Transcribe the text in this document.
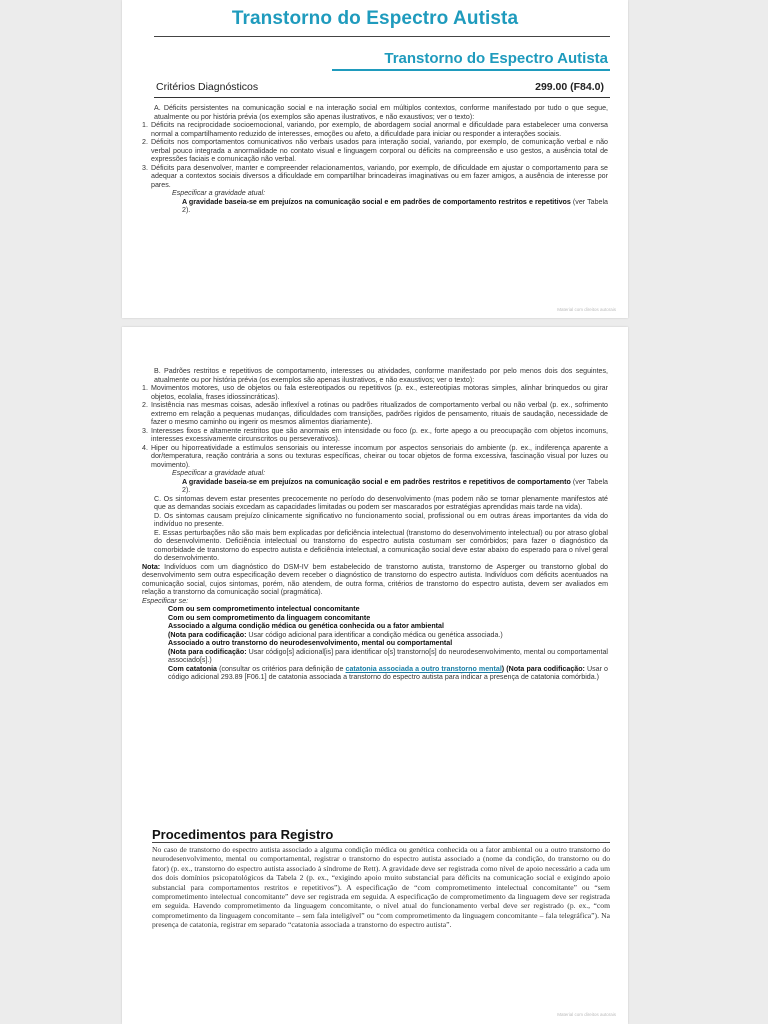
Transtorno do Espectro Autista
Transtorno do Espectro Autista
Critérios Diagnósticos	299.00 (F84.0)
A. Déficits persistentes na comunicação social e na interação social em múltiplos contextos, conforme manifestado por tudo o que segue, atualmente ou por história prévia (os exemplos são apenas ilustrativos, e não exaustivos; ver o texto):
1. Déficits na reciprocidade socioemocional, variando, por exemplo, de abordagem social anormal e dificuldade para estabelecer uma conversa normal a compartilhamento reduzido de interesses, emoções ou afeto, a dificuldade para iniciar ou responder a interações sociais.
2. Déficits nos comportamentos comunicativos não verbais usados para interação social, variando, por exemplo, de comunicação verbal e não verbal pouco integrada a anormalidade no contato visual e linguagem corporal ou déficits na compreensão e uso gestos, a ausência total de expressões faciais e comunicação não verbal.
3. Déficits para desenvolver, manter e compreender relacionamentos, variando, por exemplo, de dificuldade em ajustar o comportamento para se adequar a contextos sociais diversos a dificuldade em compartilhar brincadeiras imaginativas ou em fazer amigos, a ausência de interesse por pares.
Especificar a gravidade atual:
A gravidade baseia-se em prejuízos na comunicação social e em padrões de comportamento restritos e repetitivos (ver Tabela 2).
Material com direitos autorais
B. Padrões restritos e repetitivos de comportamento, interesses ou atividades, conforme manifestado por pelo menos dois dos seguintes, atualmente ou por história prévia (os exemplos são apenas ilustrativos, e não exaustivos; ver o texto):
1. Movimentos motores, uso de objetos ou fala estereotipados ou repetitivos (p. ex., estereotipias motoras simples, alinhar brinquedos ou girar objetos, ecolalia, frases idiossincráticas).
2. Insistência nas mesmas coisas, adesão inflexível a rotinas ou padrões ritualizados de comportamento verbal ou não verbal (p. ex., sofrimento extremo em relação a pequenas mudanças, dificuldades com transições, padrões rígidos de pensamento, rituais de saudação, necessidade de fazer o mesmo caminho ou ingerir os mesmos alimentos diariamente).
3. Interesses fixos e altamente restritos que são anormais em intensidade ou foco (p. ex., forte apego a ou preocupação com objetos incomuns, interesses excessivamente circunscritos ou perseverativos).
4. Hiper ou hiporreatividade a estímulos sensoriais ou interesse incomum por aspectos sensoriais do ambiente (p. ex., indiferença aparente a dor/temperatura, reação contrária a sons ou texturas específicas, cheirar ou tocar objetos de forma excessiva, fascinação visual por luzes ou movimento).
Especificar a gravidade atual:
A gravidade baseia-se em prejuízos na comunicação social e em padrões restritos e repetitivos de comportamento (ver Tabela 2).
C. Os sintomas devem estar presentes precocemente no período do desenvolvimento (mas podem não se tornar plenamente manifestos até que as demandas sociais excedam as capacidades limitadas ou podem ser mascarados por estratégias aprendidas mais tarde na vida).
D. Os sintomas causam prejuízo clinicamente significativo no funcionamento social, profissional ou em outras áreas importantes da vida do indivíduo no presente.
E. Essas perturbações não são mais bem explicadas por deficiência intelectual (transtorno do desenvolvimento intelectual) ou por atraso global do desenvolvimento. Deficiência intelectual ou transtorno do espectro autista costumam ser comórbidos; para fazer o diagnóstico da comorbidade de transtorno do espectro autista e deficiência intelectual, a comunicação social deve estar abaixo do esperado para o nível geral do desenvolvimento.
Nota: Indivíduos com um diagnóstico do DSM-IV bem estabelecido de transtorno autista, transtorno de Asperger ou transtorno global do desenvolvimento sem outra especificação devem receber o diagnóstico de transtorno do espectro autista. Indivíduos com déficits acentuados na comunicação social, cujos sintomas, porém, não atendem, de outra forma, critérios de transtorno do espectro autista, devem ser avaliados em relação a transtorno da comunicação social (pragmática).
Especificar se:
Com ou sem comprometimento intelectual concomitante
Com ou sem comprometimento da linguagem concomitante
Associado a alguma condição médica ou genética conhecida ou a fator ambiental
(Nota para codificação: Usar código adicional para identificar a condição médica ou genética associada.)
Associado a outro transtorno do neurodesenvolvimento, mental ou comportamental
(Nota para codificação: Usar código[s] adicional[is] para identificar o[s] transtorno[s] do neurodesenvolvimento, mental ou comportamental associado[s].)
Com catatonia (consultar os critérios para definição de catatonia associada a outro transtorno mental) (Nota para codificação: Usar o código adicional 293.89 [F06.1] de catatonia associada a transtorno do espectro autista para indicar a presença de catatonia comórbida.)
Procedimentos para Registro
No caso de transtorno do espectro autista associado a alguma condição médica ou genética conhecida ou a fator ambiental ou a outro transtorno do neurodesenvolvimento, mental ou comportamental, registrar o transtorno do espectro autista associado a (nome da condição, do transtorno ou do fator) (p. ex., transtorno do espectro autista associado à síndrome de Rett). A gravidade deve ser registrada como nível de apoio necessário a cada um dos dois domínios psicopatológicos da Tabela 2 (p. ex., “exigindo apoio muito substancial para déficits na comunicação social e exigindo apoio substancial para comportamentos restritos e repetitivos”). A especificação de “com comprometimento intelectual concomitante” ou “sem comprometimento intelectual concomitante” deve ser registrada em seguida. A especificação de comprometimento da linguagem deve ser registrada em seguida. Havendo comprometimento da linguagem concomitante, o nível atual do funcionamento verbal deve ser registrado (p. ex., “com comprometimento da linguagem concomitante – sem fala inteligível” ou “com comprometimento da linguagem concomitante – fala telegráfica”). Na presença de catatonia, registrar em separado “catatonia associada a transtorno do espectro autista”.
Material com direitos autorais
